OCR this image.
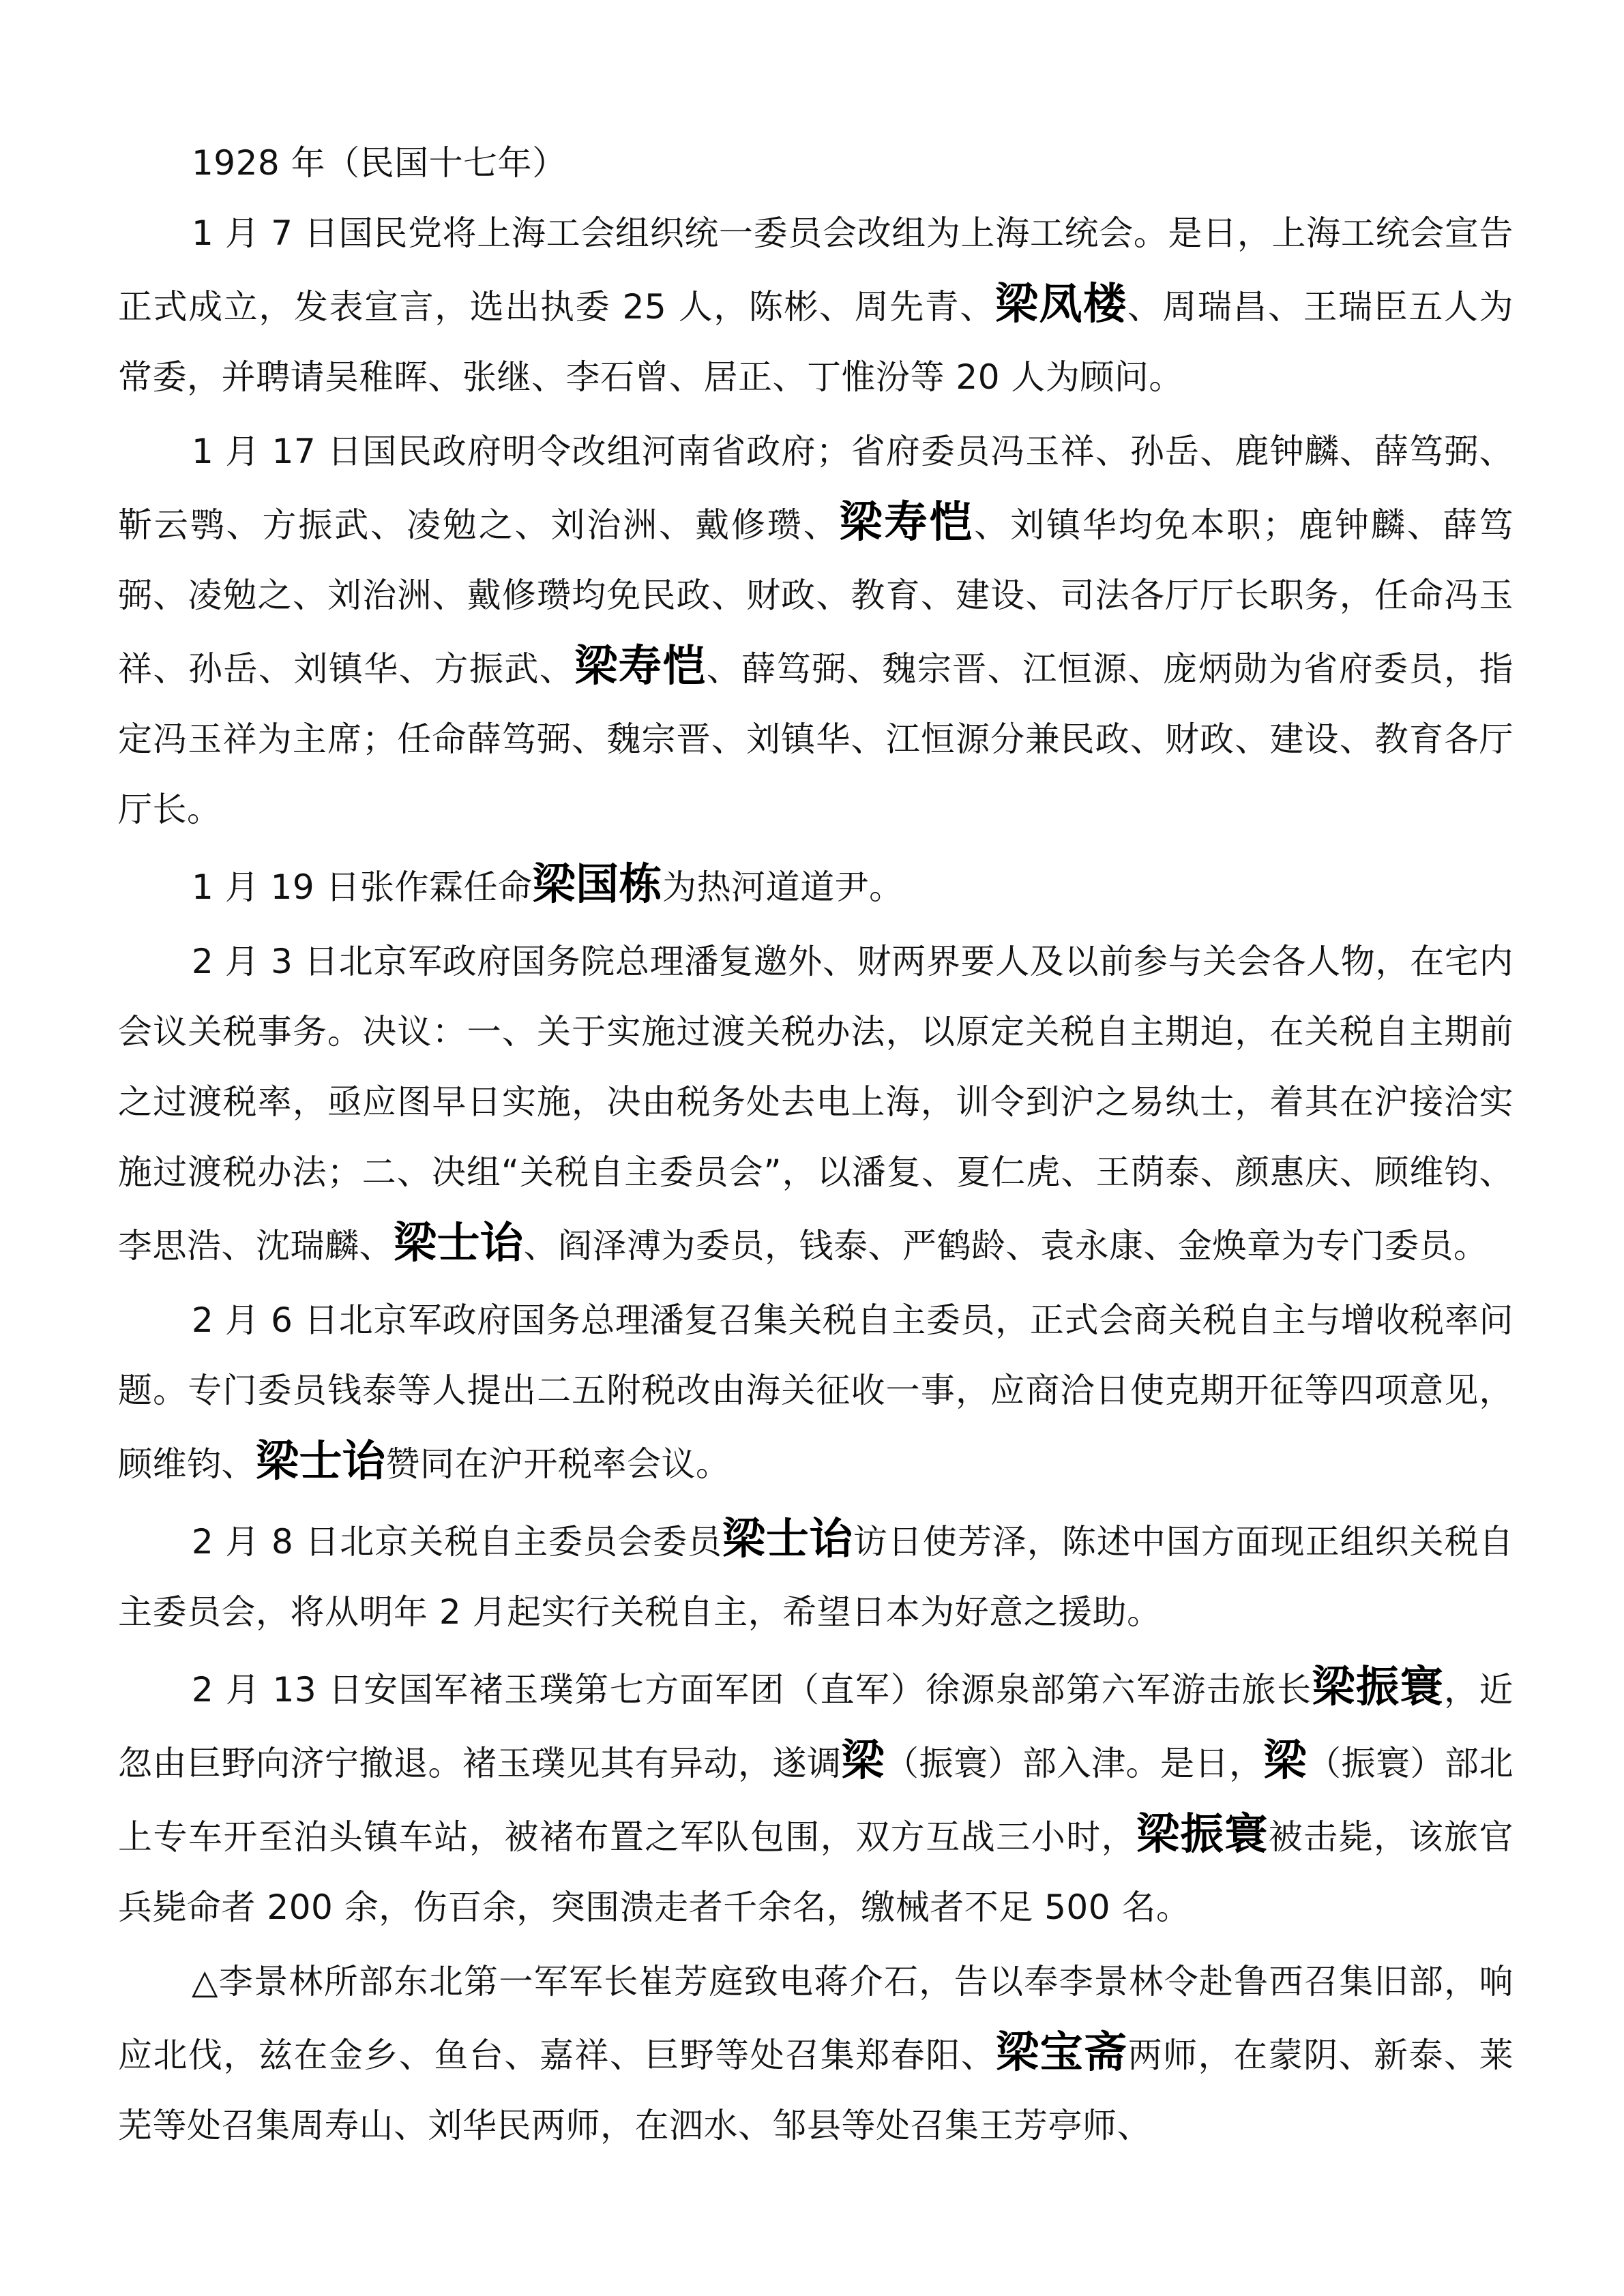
1928 年（民国十七年）

1 月 7 日国民党将上海工会组织统一委员会改组为上海工统会。是日，上海工统会宣告正式成立，发表宣言，选出执委 25 人，陈彬、周先青、梁凤楼、周瑞昌、王瑞臣五人为常委，并聘请吴稚晖、张继、李石曾、居正、丁惟汾等 20 人为顾问。

1 月 17 日国民政府明令改组河南省政府；省府委员冯玉祥、孙岳、鹿钟麟、薛笃弼、靳云鹗、方振武、凌勉之、刘治洲、戴修瓒、梁寿恺、刘镇华均免本职；鹿钟麟、薛笃弼、凌勉之、刘治洲、戴修瓒均免民政、财政、教育、建设、司法各厅厅长职务，任命冯玉祥、孙岳、刘镇华、方振武、梁寿恺、薛笃弼、魏宗晋、江恒源、庞炳勋为省府委员，指定冯玉祥为主席；任命薛笃弼、魏宗晋、刘镇华、江恒源分兼民政、财政、建设、教育各厅厅长。

1 月 19 日张作霖任命梁国栋为热河道道尹。

2 月 3 日北京军政府国务院总理潘复邀外、财两界要人及以前参与关会各人物，在宅内会议关税事务。决议：一、关于实施过渡关税办法，以原定关税自主期迫，在关税自主期前之过渡税率，亟应图早日实施，决由税务处去电上海，训令到沪之易纨士，着其在沪接洽实施过渡税办法；二、决组“关税自主委员会”，以潘复、夏仁虎、王荫泰、颜惠庆、顾维钧、李思浩、沈瑞麟、梁士诒、阎泽溥为委员，钱泰、严鹤龄、袁永康、金焕章为专门委员。

2 月 6 日北京军政府国务总理潘复召集关税自主委员，正式会商关税自主与增收税率问题。专门委员钱泰等人提出二五附税改由海关征收一事，应商洽日使克期开征等四项意见，顾维钧、梁士诒赞同在沪开税率会议。

2 月 8 日北京关税自主委员会委员梁士诒访日使芳泽，陈述中国方面现正组织关税自主委员会，将从明年 2 月起实行关税自主，希望日本为好意之援助。

2 月 13 日安国军褚玉璞第七方面军团（直军）徐源泉部第六军游击旅长梁振寰，近忽由巨野向济宁撤退。褚玉璞见其有异动，遂调梁（振寰）部入津。是日，梁（振寰）部北上专车开至泊头镇车站，被褚布置之军队包围，双方互战三小时，梁振寰被击毙，该旅官兵毙命者 200 余，伤百余，突围溃走者千余名，缴械者不足 500 名。

△李景林所部东北第一军军长崔芳庭致电蒋介石，告以奉李景林令赴鲁西召集旧部，响应北伐，兹在金乡、鱼台、嘉祥、巨野等处召集郑春阳、梁宝斋两师，在蒙阴、新泰、莱芜等处召集周寿山、刘华民两师，在泗水、邹县等处召集王芳亭师、
